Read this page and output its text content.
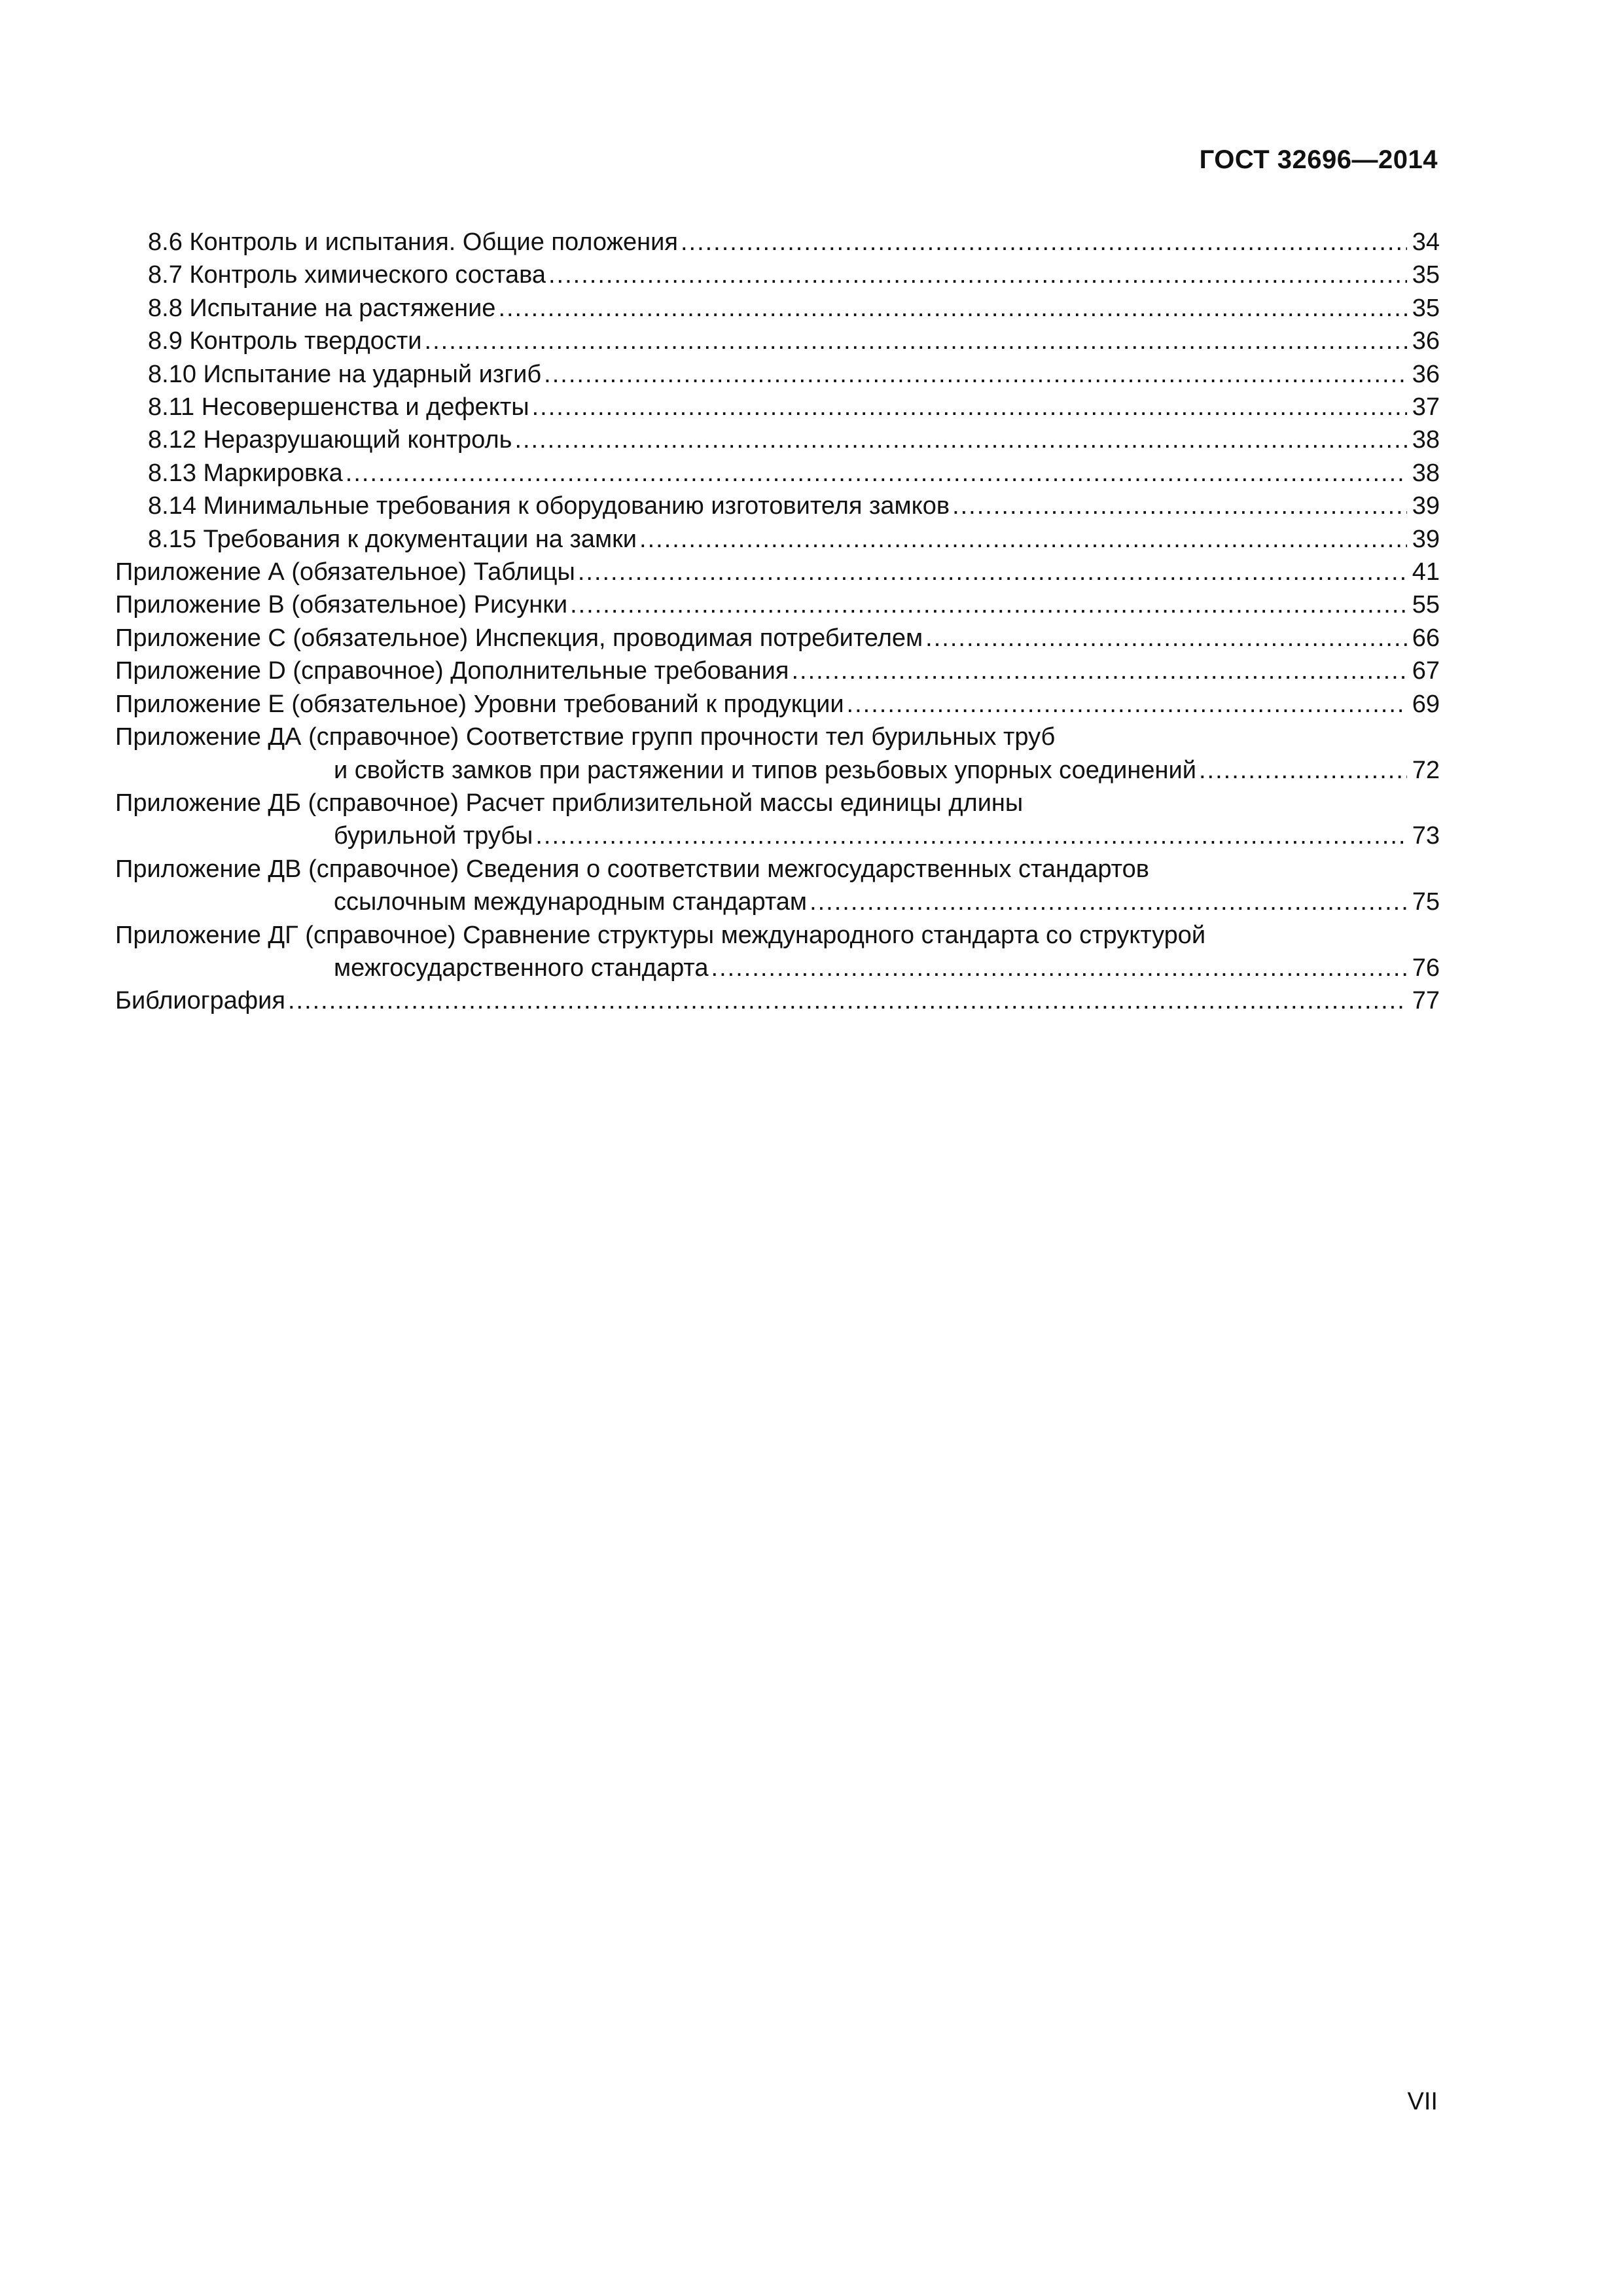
ГОСТ 32696—2014
8.6 Контроль и испытания. Общие положения .....	34
8.7 Контроль химического состава .....	35
8.8 Испытание на растяжение .....	35
8.9 Контроль твердости .....	36
8.10 Испытание на ударный изгиб .....	36
8.11 Несовершенства и дефекты .....	37
8.12 Неразрушающий контроль .....	38
8.13 Маркировка .....	38
8.14 Минимальные требования к оборудованию изготовителя замков .....	39
8.15 Требования к документации на замки .....	39
Приложение А (обязательное) Таблицы .....	41
Приложение В (обязательное) Рисунки .....	55
Приложение С (обязательное) Инспекция, проводимая потребителем .....	66
Приложение D (справочное) Дополнительные требования .....	67
Приложение Е (обязательное) Уровни требований к продукции .....	69
Приложение ДА (справочное) Соответствие групп прочности тел бурильных труб
и свойств замков при растяжении и типов резьбовых упорных соединений .....	72
Приложение ДБ (справочное) Расчет приблизительной массы единицы длины
бурильной трубы .....	73
Приложение ДВ (справочное) Сведения о соответствии межгосударственных стандартов
ссылочным международным стандартам .....	75
Приложение ДГ (справочное) Сравнение структуры международного стандарта со структурой
межгосударственного стандарта .....	76
Библиография .....	77
VII
